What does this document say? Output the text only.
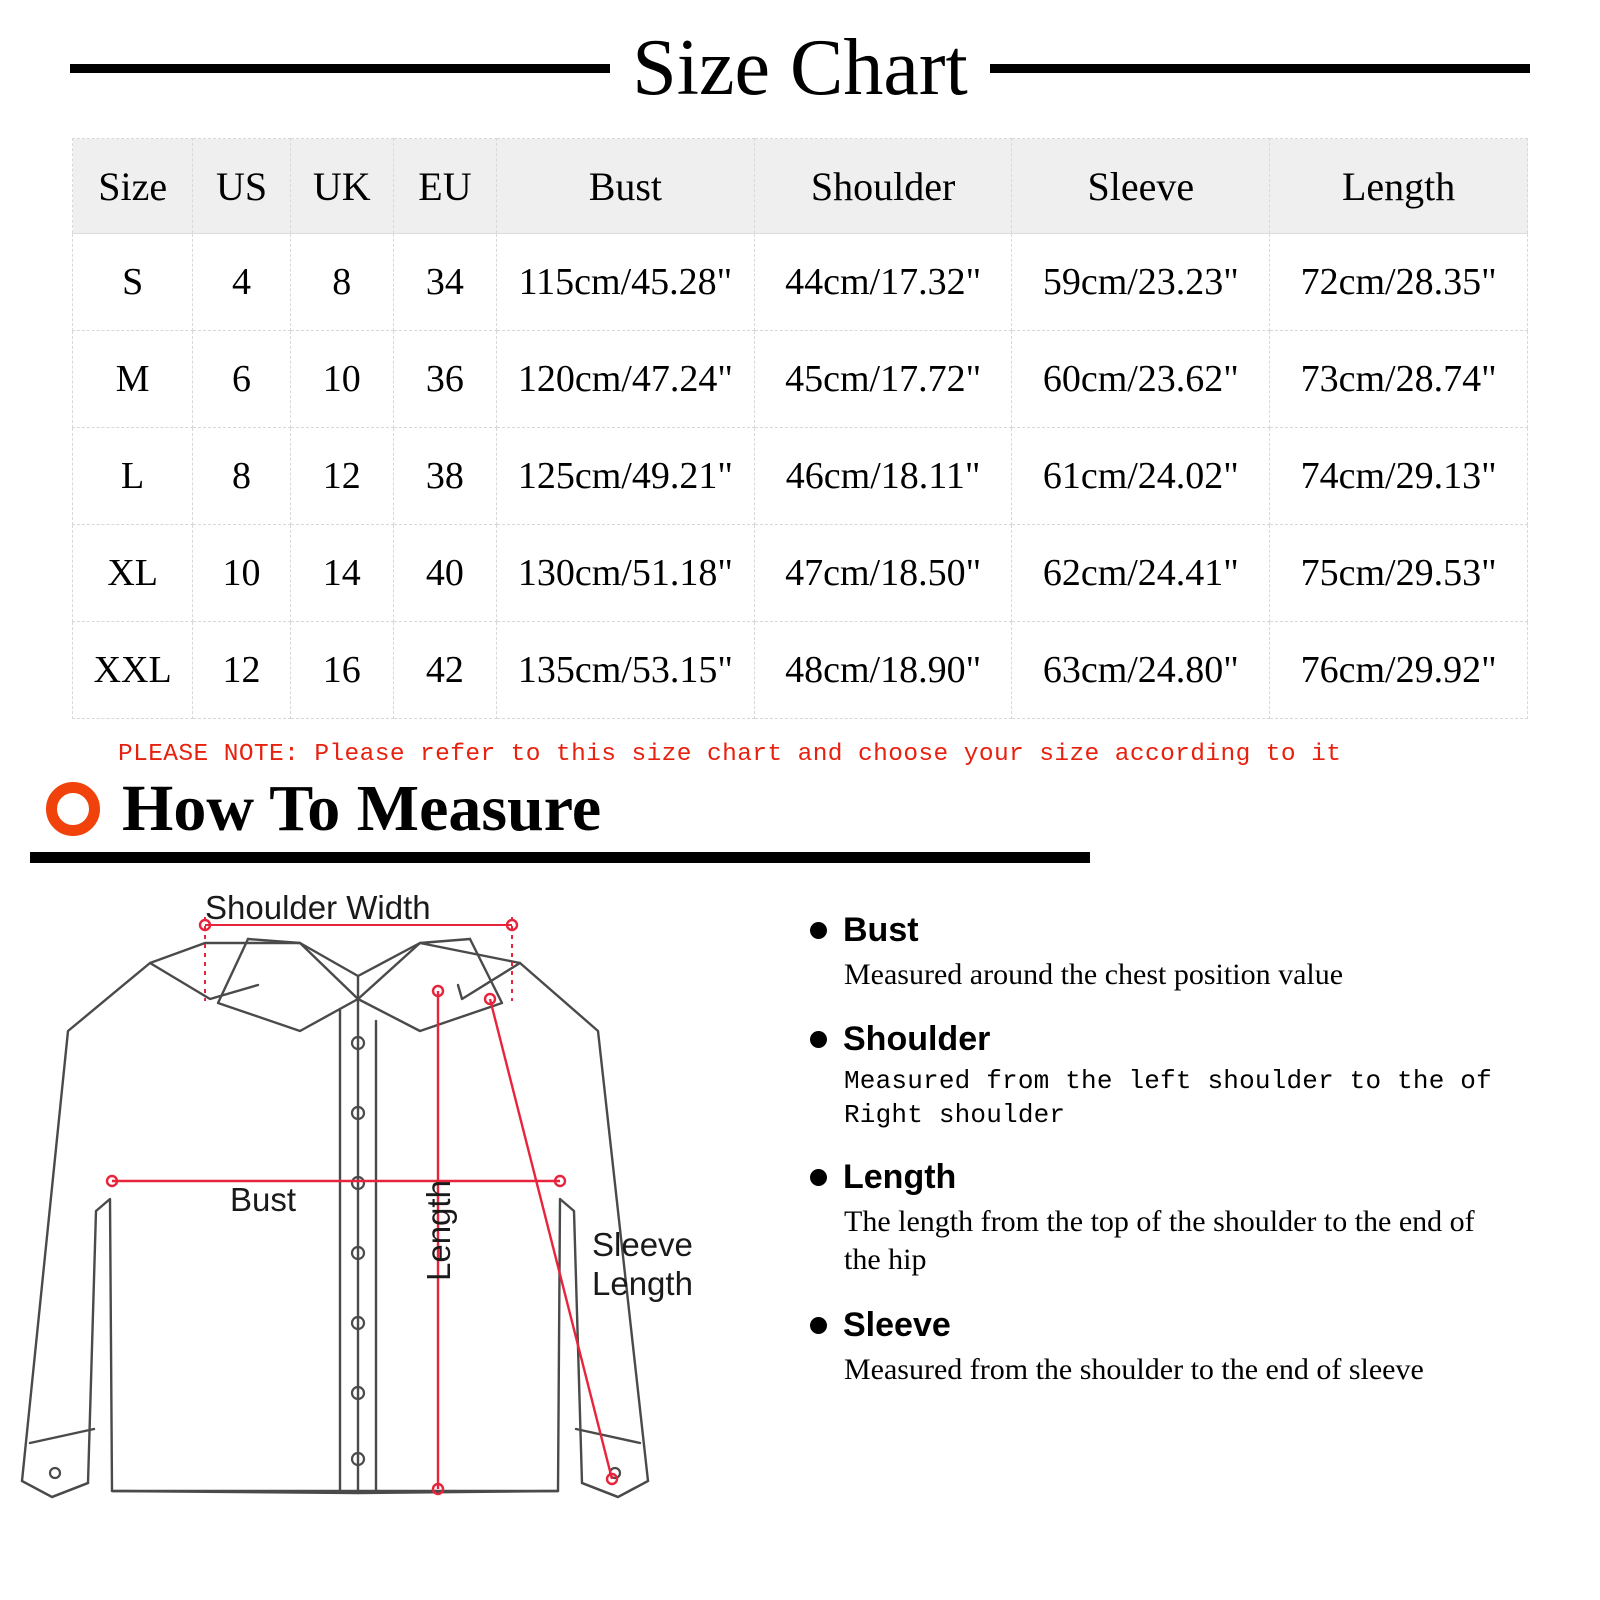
Size Chart
Size	US	UK	EU	Bust	Shoulder	Sleeve	Length
S	4	8	34	115cm/45.28"	44cm/17.32"	59cm/23.23"	72cm/28.35"
M	6	10	36	120cm/47.24"	45cm/17.72"	60cm/23.62"	73cm/28.74"
L	8	12	38	125cm/49.21"	46cm/18.11"	61cm/24.02"	74cm/29.13"
XL	10	14	40	130cm/51.18"	47cm/18.50"	62cm/24.41"	75cm/29.53"
XXL	12	16	42	135cm/53.15"	48cm/18.90"	63cm/24.80"	76cm/29.92"
PLEASE NOTE: Please refer to this size chart and choose your size according to it
How To Measure
Shoulder Width
Bust
Sleeve
Length
Length
Bust
Measured around the chest position value
Shoulder
Measured from the left shoulder to the of Right shoulder
Length
The length from the top of the shoulder to the end of the hip
Sleeve
Measured from the shoulder to the end of sleeve
